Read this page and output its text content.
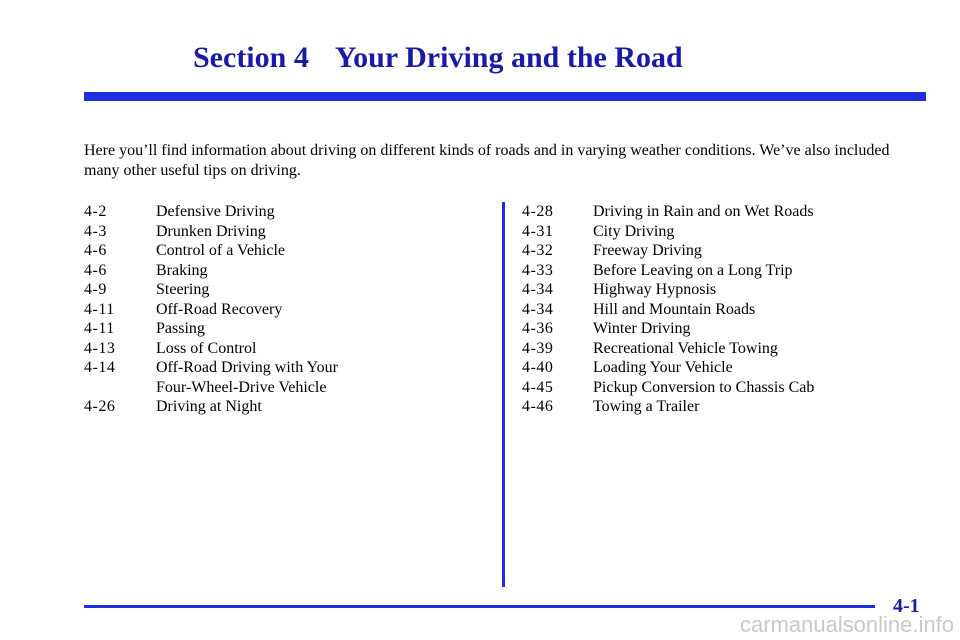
Section 4 Your Driving and the Road

Here you’ll find information about driving on different kinds of roads and in varying weather conditions. We’ve also included many other useful tips on driving.

4-2	Defensive Driving
4-3	Drunken Driving
4-6	Control of a Vehicle
4-6	Braking
4-9	Steering
4-11	Off-Road Recovery
4-11	Passing
4-13	Loss of Control
4-14	Off-Road Driving with Your
Four-Wheel-Drive Vehicle
4-26	Driving at Night
4-28	Driving in Rain and on Wet Roads
4-31	City Driving
4-32	Freeway Driving
4-33	Before Leaving on a Long Trip
4-34	Highway Hypnosis
4-34	Hill and Mountain Roads
4-36	Winter Driving
4-39	Recreational Vehicle Towing
4-40	Loading Your Vehicle
4-45	Pickup Conversion to Chassis Cab
4-46	Towing a Trailer
4-1
carmanualsonline.info
